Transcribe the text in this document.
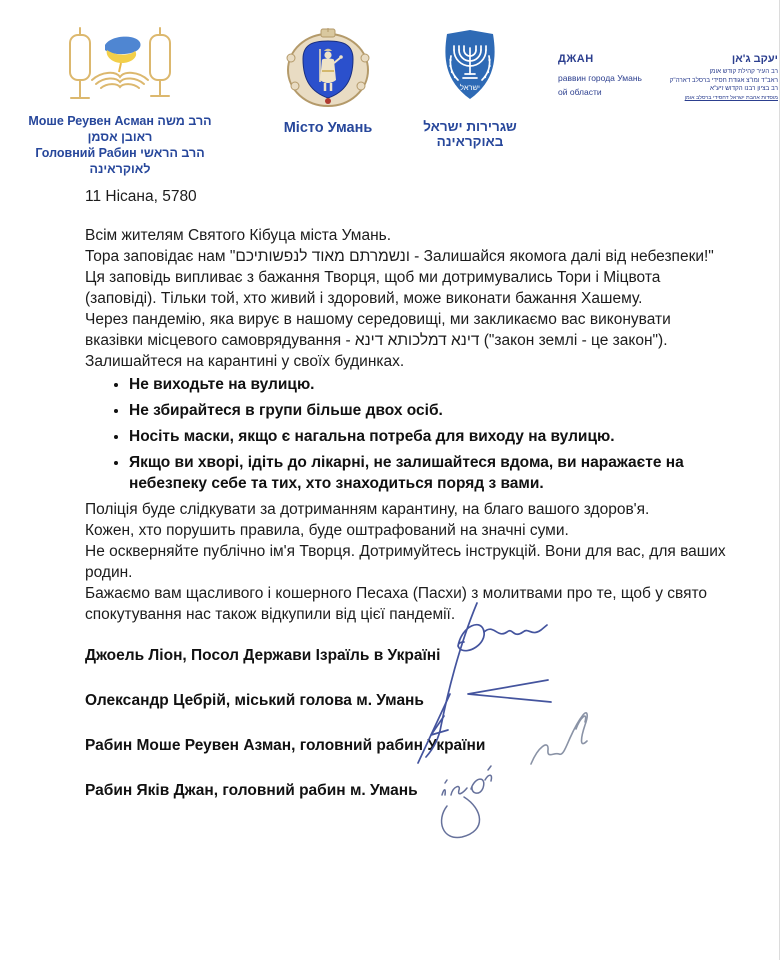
Моше Реувен Асман הרב משה ראובן אסמן
Головний Рабин הרב הראשי לאוקראינה
Місто Умань
ישראל
שגרירות ישראל באוקראינה
ДЖАН
раввин города Умань
ой области
יעקב ג'אן
רב העיר קהילת קודש אומן
ראב"ד ומו"צ אגודת חסידי ברסלב דארה"ק
רב בציון רבנו הקדוש זיע"א
מוסדות אהבת ישראל דחסידי ברסלב אומן

11 Нісана, 5780

Всім жителям Святого Кібуца міста Умань.

Тора заповідає нам "ונשמרתם מאוד לנפשותיכם - Залишайся якомога далі від небезпеки!" Ця заповідь випливає з бажання Творця, щоб ми дотримувались Тори і Міцвота (заповіді). Тільки той, хто живий і здоровий, може виконати бажання Хашему.

Через пандемію, яка вирує в нашому середовищі, ми закликаємо вас виконувати вказівки місцевого самоврядування - דינא דמלכותא דינא ("закон землі - це закон"). Залишайтеся на карантині у своїх будинках.

• Не виходьте на вулицю.
• Не збирайтеся в групи більше двох осіб.
• Носіть маски, якщо є нагальна потреба для виходу на вулицю.
• Якщо ви хворі, ідіть до лікарні, не залишайтеся вдома, ви наражаєте на небезпеку себе та тих, хто знаходиться поряд з вами.

Поліція буде слідкувати за дотриманням карантину, на благо вашого здоров'я.

Кожен, хто порушить правила, буде оштрафований на значні суми.

Не оскверняйте публічно ім'я Творця. Дотримуйтесь інструкцій. Вони для вас, для ваших родин.

Бажаємо вам щасливого і кошерного Песаха (Пасхи) з молитвами про те, щоб у свято спокутування нас також відкупили від цієї пандемії.

Джоель Ліон, Посол Держави Ізраїль в Україні

Олександр Цебрій, міський голова м. Умань

Рабин Моше Реувен Азман, головний рабин України

Рабин Яків Джан, головний рабин м. Умань
